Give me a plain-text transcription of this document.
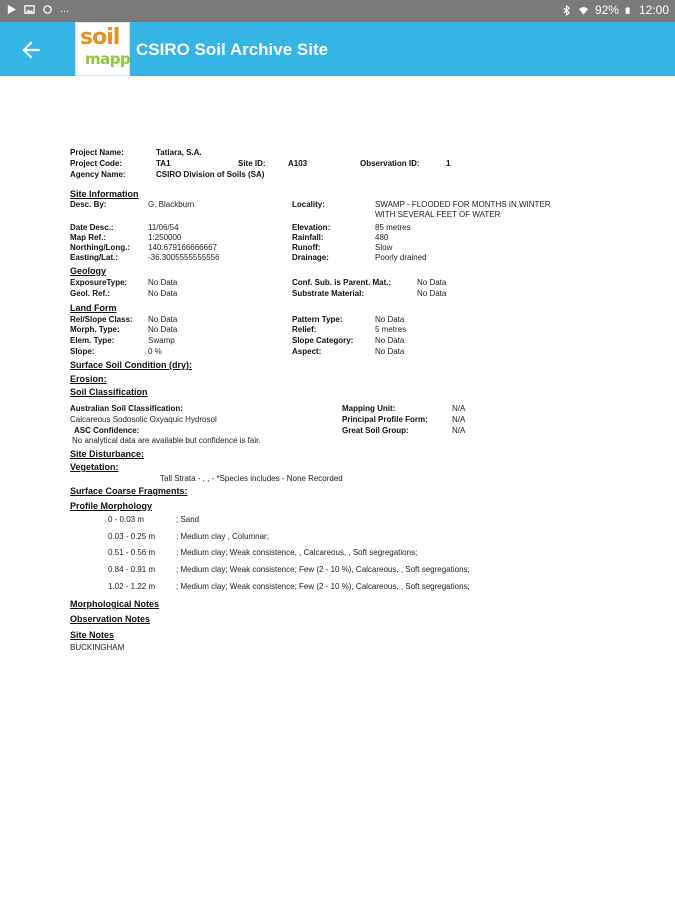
...	92% 12:00
soil
mapp CSIRO Soil Archive Site
Project Name:	Tatiara, S.A.
Project Code:	TA1	Site ID:	A103	Observation ID:	1
Agency Name:	CSIRO Division of Soils (SA)
Site Information
Desc. By:	G. Blackburn	Locality:	SWAMP - FLOODED FOR MONTHS IN WINTER
WITH SEVERAL FEET OF WATER
Date Desc.:	11/06/54	Elevation:	85 metres
Map Ref.:	1:250000	Rainfall:	480
Northing/Long.: 140.679166666667	Runoff:	Slow
Easting/Lat.:	-36.3005555555556	Drainage:	Poorly drained
Geology
ExposureType:	No Data	Conf. Sub. is Parent. Mat.:	No Data
Geol. Ref.:	No Data	Substrate Material:	No Data
Land Form
Rel/Slope Class: No Data	Pattern Type:	No Data
Morph. Type:	No Data	Relief:	5 metres
Elem. Type:	Swamp	Slope Category:	No Data
Slope:	0 %	Aspect:	No Data
Surface Soil Condition (dry):
Erosion:
Soil Classification
Australian Soil Classification:
Calcareous Sodosolic Oxyaquic Hydrosol
ASC Confidence:
No analytical data are available but confidence is fair.
Mapping Unit:	N/A
Principal Profile Form:	N/A
Great Soil Group:	N/A
Site Disturbance:
Vegetation:
Tall Strata - , , - *Species includes - None Recorded
Surface Coarse Fragments:
Profile Morphology
0 - 0.03 m	; Sand
0.03 - 0.25 m	; Medium clay , Columnar;
0.51 - 0.56 m	; Medium clay; Weak consistence, , Calcareous, , Soft segregations;
0.84 - 0.91 m	; Medium clay; Weak consistence; Few (2 - 10 %), Calcareous, , Soft segregations;
1.02 - 1.22 m	; Medium clay; Weak consistence; Few (2 - 10 %), Calcareous, , Soft segregations;
Morphological Notes
Observation Notes
Site Notes
BUCKINGHAM
